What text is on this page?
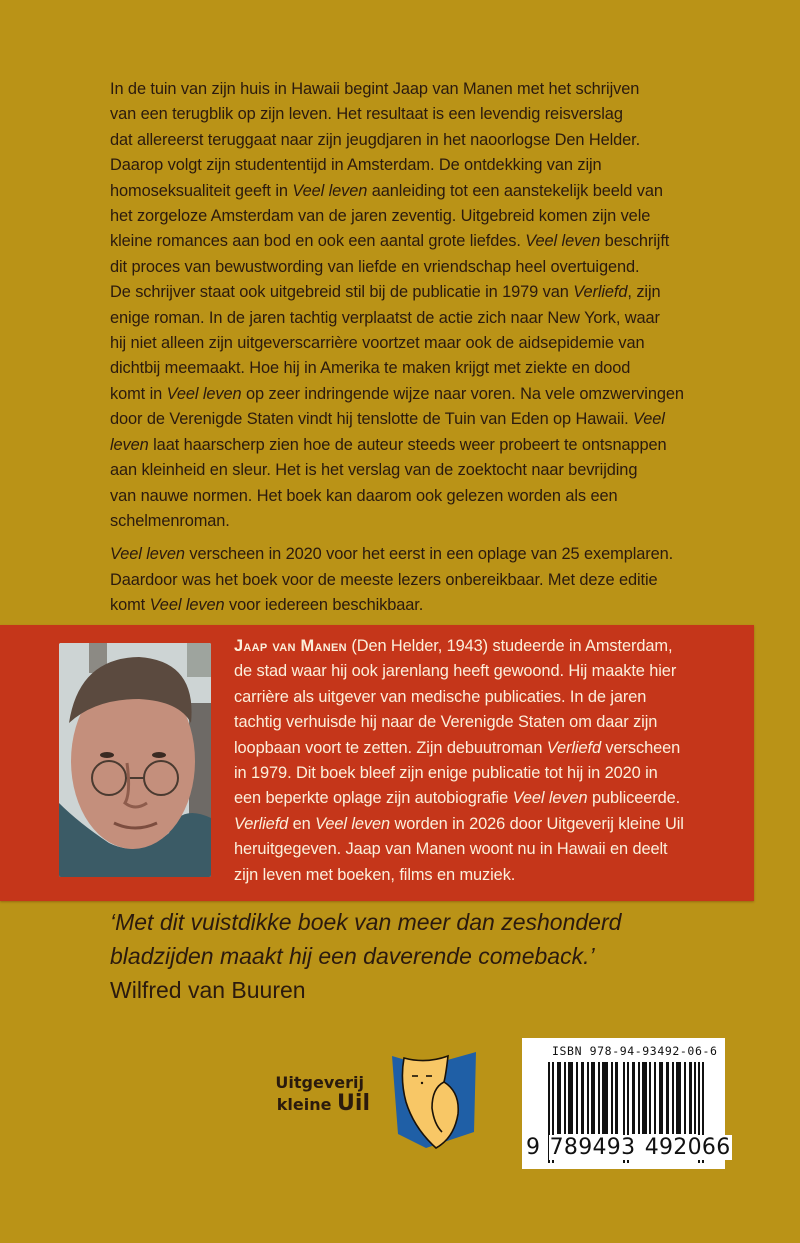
In de tuin van zijn huis in Hawaii begint Jaap van Manen met het schrijven
van een terugblik op zijn leven. Het resultaat is een levendig reisverslag
dat allereerst teruggaat naar zijn jeugdjaren in het naoorlogse Den Helder.
Daarop volgt zijn studententijd in Amsterdam. De ontdekking van zijn
homoseksualiteit geeft in Veel leven aanleiding tot een aanstekelijk beeld van
het zorgeloze Amsterdam van de jaren zeventig. Uitgebreid komen zijn vele
kleine romances aan bod en ook een aantal grote liefdes. Veel leven beschrijft
dit proces van bewustwording van liefde en vriendschap heel overtuigend.
De schrijver staat ook uitgebreid stil bij de publicatie in 1979 van Verliefd, zijn
enige roman. In de jaren tachtig verplaatst de actie zich naar New York, waar
hij niet alleen zijn uitgeverscarrière voortzet maar ook de aidsepidemie van
dichtbij meemaakt. Hoe hij in Amerika te maken krijgt met ziekte en dood
komt in Veel leven op zeer indringende wijze naar voren. Na vele omzwervingen
door de Verenigde Staten vindt hij tenslotte de Tuin van Eden op Hawaii. Veel
leven laat haarscherp zien hoe de auteur steeds weer probeert te ontsnappen
aan kleinheid en sleur. Het is het verslag van de zoektocht naar bevrijding
van nauwe normen. Het boek kan daarom ook gelezen worden als een
schelmenroman.

Veel leven verscheen in 2020 voor het eerst in een oplage van 25 exemplaren.
Daardoor was het boek voor de meeste lezers onbereikbaar. Met deze editie
komt Veel leven voor iedereen beschikbaar.

Jaap van Manen (Den Helder, 1943) studeerde in Amsterdam,
de stad waar hij ook jarenlang heeft gewoond. Hij maakte hier
carrière als uitgever van medische publicaties. In de jaren
tachtig verhuisde hij naar de Verenigde Staten om daar zijn
loopbaan voort te zetten. Zijn debuutroman Verliefd verscheen
in 1979. Dit boek bleef zijn enige publicatie tot hij in 2020 in
een beperkte oplage zijn autobiografie Veel leven publiceerde.
Verliefd en Veel leven worden in 2026 door Uitgeverij kleine Uil
heruitgegeven. Jaap van Manen woont nu in Hawaii en deelt
zijn leven met boeken, films en muziek.
‘Met dit vuistdikke boek van meer dan zeshonderd
bladzijden maakt hij een daverende comeback.’
Wilfred van Buuren
Uitgeverij
kleine Uil
ISBN 978-94-93492-06-6
9 789493 492066
